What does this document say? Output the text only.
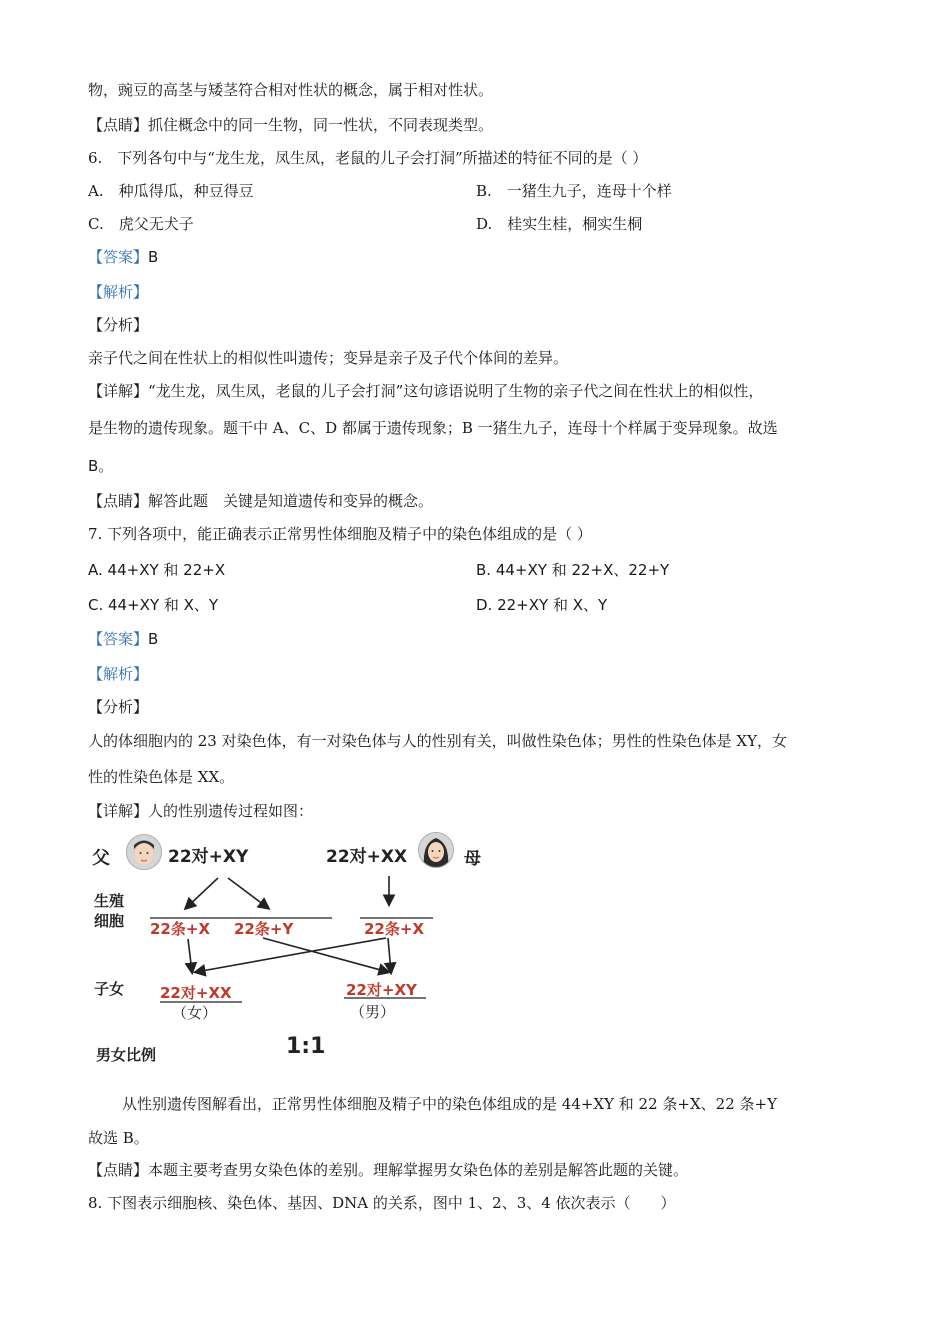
物，豌豆的高茎与矮茎符合相对性状的概念，属于相对性状。
【点睛】抓住概念中的同一生物，同一性状，不同表现类型。
6.　下列各句中与“龙生龙，凤生凤，老鼠的儿子会打洞”所描述的特征不同的是（ ）
A.　种瓜得瓜，种豆得豆	B.　一猪生九子，连母十个样
C.　虎父无犬子	D.　桂实生桂，桐实生桐
【答案】B
【解析】
【分析】
亲子代之间在性状上的相似性叫遗传；变异是亲子及子代个体间的差异。
【详解】“龙生龙，凤生凤，老鼠的儿子会打洞”这句谚语说明了生物的亲子代之间在性状上的相似性，
是生物的遗传现象。题干中 A、C、D 都属于遗传现象；B 一猪生九子，连母十个样属于变异现象。故选
B。
【点睛】解答此题　关键是知道遗传和变异的概念。
7. 下列各项中，能正确表示正常男性体细胞及精子中的染色体组成的是（ ）
A. 44+XY 和 22+X	B. 44+XY 和 22+X、22+Y
C. 44+XY 和 X、Y	D. 22+XY 和 X、Y
【答案】B
【解析】
【分析】
人的体细胞内的 23 对染色体，有一对染色体与人的性别有关，叫做性染色体；男性的性染色体是 XY，女
性的性染色体是 XX。
【详解】人的性别遗传过程如图：
父	22对+XY	22对+XX	母
生殖
细胞 22条+X 22条+Y	22条+X
子女 22对+XX
（女）
22对+XY
（男）
男女比例	1:1
从性别遗传图解看出，正常男性体细胞及精子中的染色体组成的是 44+XY 和 22 条+X、22 条+Y
故选 B。
【点睛】本题主要考查男女染色体的差别。理解掌握男女染色体的差别是解答此题的关键。
8. 下图表示细胞核、染色体、基因、DNA 的关系，图中 1、2、3、4 依次表示（　　）
